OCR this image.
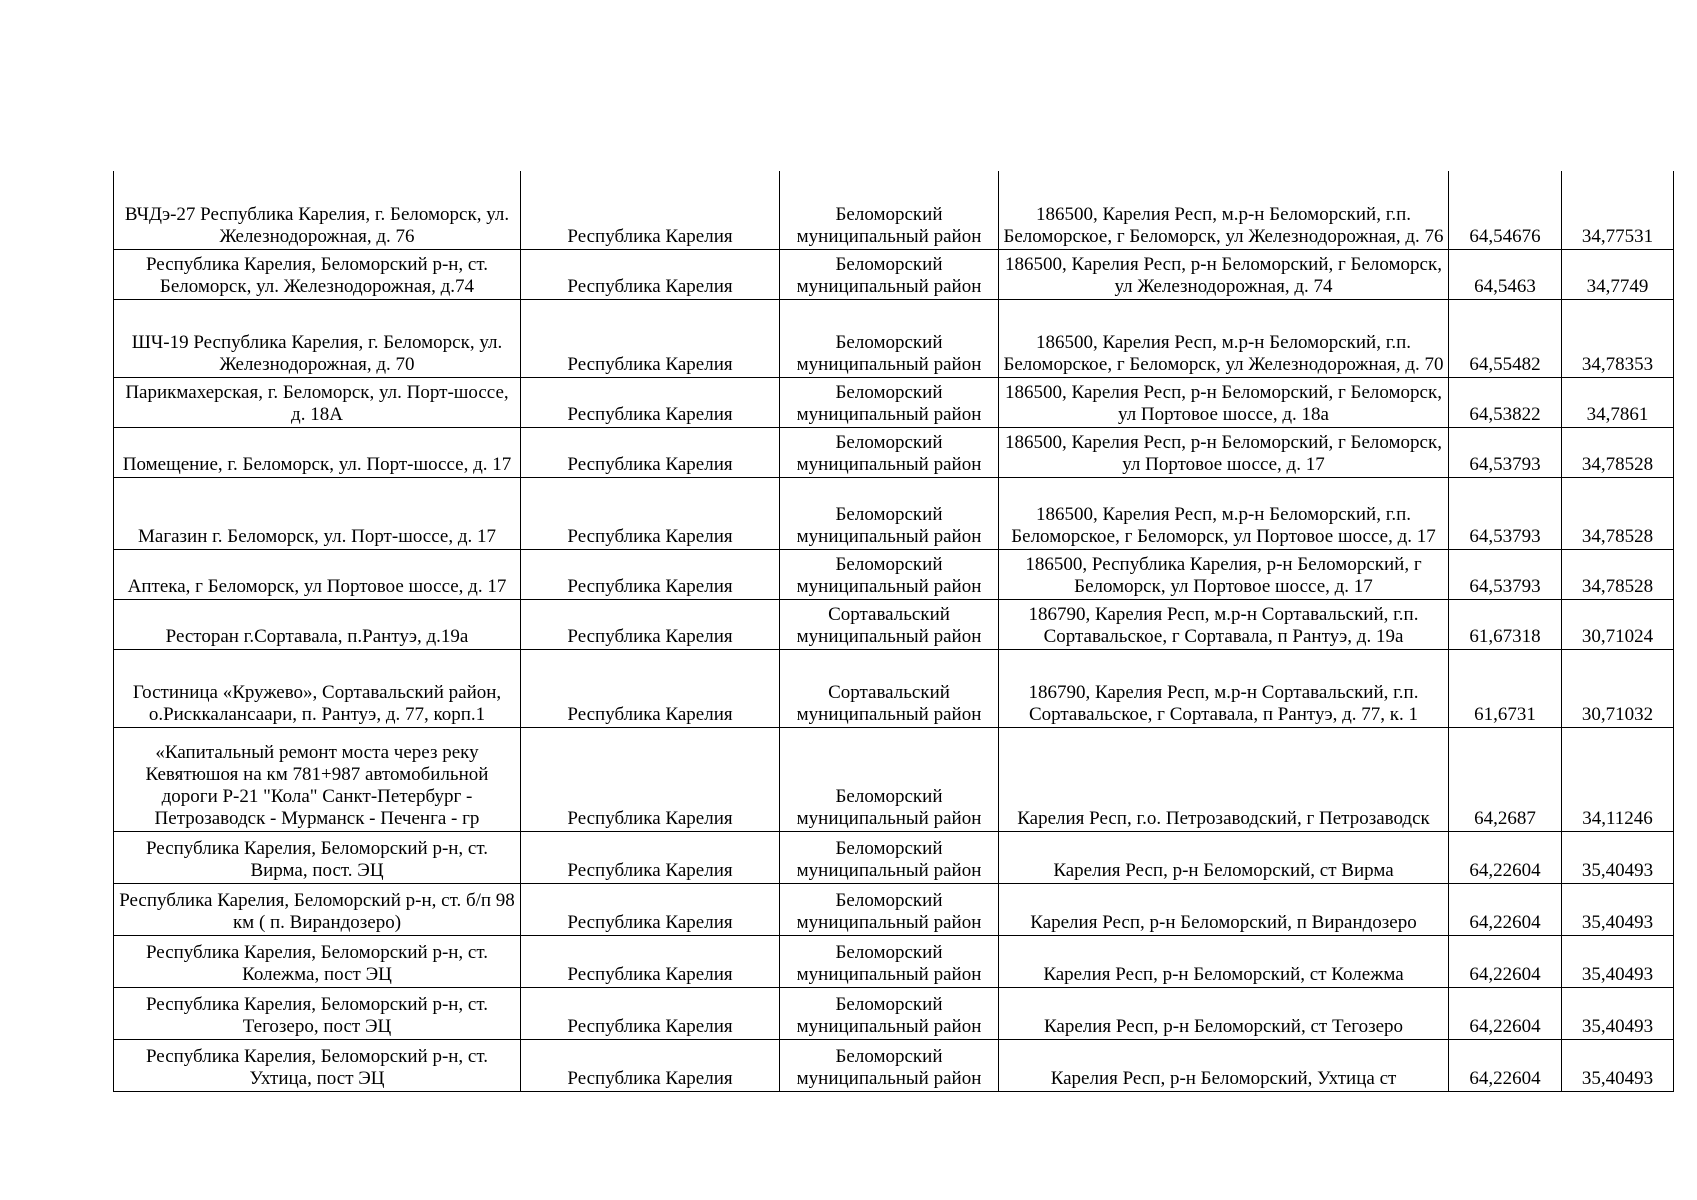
ВЧДэ-27 Республика Карелия, г. Беломорск, ул. Железнодорожная, д. 76	Республика Карелия	Беломорский муниципальный район	186500, Карелия Респ, м.р-н Беломорский, г.п. Беломорское, г Беломорск, ул Железнодорожная, д. 76	64,54676	34,77531
Республика Карелия, Беломорский р-н, ст. Беломорск, ул. Железнодорожная, д.74	Республика Карелия	Беломорский муниципальный район	186500, Карелия Респ, р-н Беломорский, г Беломорск, ул Железнодорожная, д. 74	64,5463	34,7749
ШЧ-19 Республика Карелия, г. Беломорск, ул. Железнодорожная, д. 70	Республика Карелия	Беломорский муниципальный район	186500, Карелия Респ, м.р-н Беломорский, г.п. Беломорское, г Беломорск, ул Железнодорожная, д. 70	64,55482	34,78353
Парикмахерская, г. Беломорск, ул. Порт-шоссе, д. 18А	Республика Карелия	Беломорский муниципальный район	186500, Карелия Респ, р-н Беломорский, г Беломорск, ул Портовое шоссе, д. 18а	64,53822	34,7861
Помещение, г. Беломорск, ул. Порт-шоссе, д. 17	Республика Карелия	Беломорский муниципальный район	186500, Карелия Респ, р-н Беломорский, г Беломорск, ул Портовое шоссе, д. 17	64,53793	34,78528
Магазин г. Беломорск, ул. Порт-шоссе, д. 17	Республика Карелия	Беломорский муниципальный район	186500, Карелия Респ, м.р-н Беломорский, г.п. Беломорское, г Беломорск, ул Портовое шоссе, д. 17	64,53793	34,78528
Аптека, г Беломорск, ул Портовое шоссе, д. 17	Республика Карелия	Беломорский муниципальный район	186500, Республика Карелия, р-н Беломорский, г Беломорск, ул Портовое шоссе, д. 17	64,53793	34,78528
Ресторан г.Сортавала, п.Рантуэ, д.19а	Республика Карелия	Сортавальский муниципальный район	186790, Карелия Респ, м.р-н Сортавальский, г.п. Сортавальское, г Сортавала, п Рантуэ, д. 19а	61,67318	30,71024
Гостиница «Кружево», Сортавальский район, о.Рисккалансаари, п. Рантуэ, д. 77, корп.1	Республика Карелия	Сортавальский муниципальный район	186790, Карелия Респ, м.р-н Сортавальский, г.п. Сортавальское, г Сортавала, п Рантуэ, д. 77, к. 1	61,6731	30,71032
«Капитальный ремонт моста через реку Кевятюшоя на км 781+987 автомобильной дороги Р-21 "Кола" Санкт-Петербург - Петрозаводск - Мурманск - Печенга - гр	Республика Карелия	Беломорский муниципальный район	Карелия Респ, г.о. Петрозаводский, г Петрозаводск	64,2687	34,11246
Республика Карелия, Беломорский р-н, ст. Вирма, пост. ЭЦ	Республика Карелия	Беломорский муниципальный район	Карелия Респ, р-н Беломорский, ст Вирма	64,22604	35,40493
Республика Карелия, Беломорский р-н, ст. б/п 98 км ( п. Вирандозеро)	Республика Карелия	Беломорский муниципальный район	Карелия Респ, р-н Беломорский, п Вирандозеро	64,22604	35,40493
Республика Карелия, Беломорский р-н, ст. Колежма, пост ЭЦ	Республика Карелия	Беломорский муниципальный район	Карелия Респ, р-н Беломорский, ст Колежма	64,22604	35,40493
Республика Карелия, Беломорский р-н, ст. Тегозеро, пост ЭЦ	Республика Карелия	Беломорский муниципальный район	Карелия Респ, р-н Беломорский, ст Тегозеро	64,22604	35,40493
Республика Карелия, Беломорский р-н, ст. Ухтица, пост ЭЦ	Республика Карелия	Беломорский муниципальный район	Карелия Респ, р-н Беломорский, Ухтица ст	64,22604	35,40493
